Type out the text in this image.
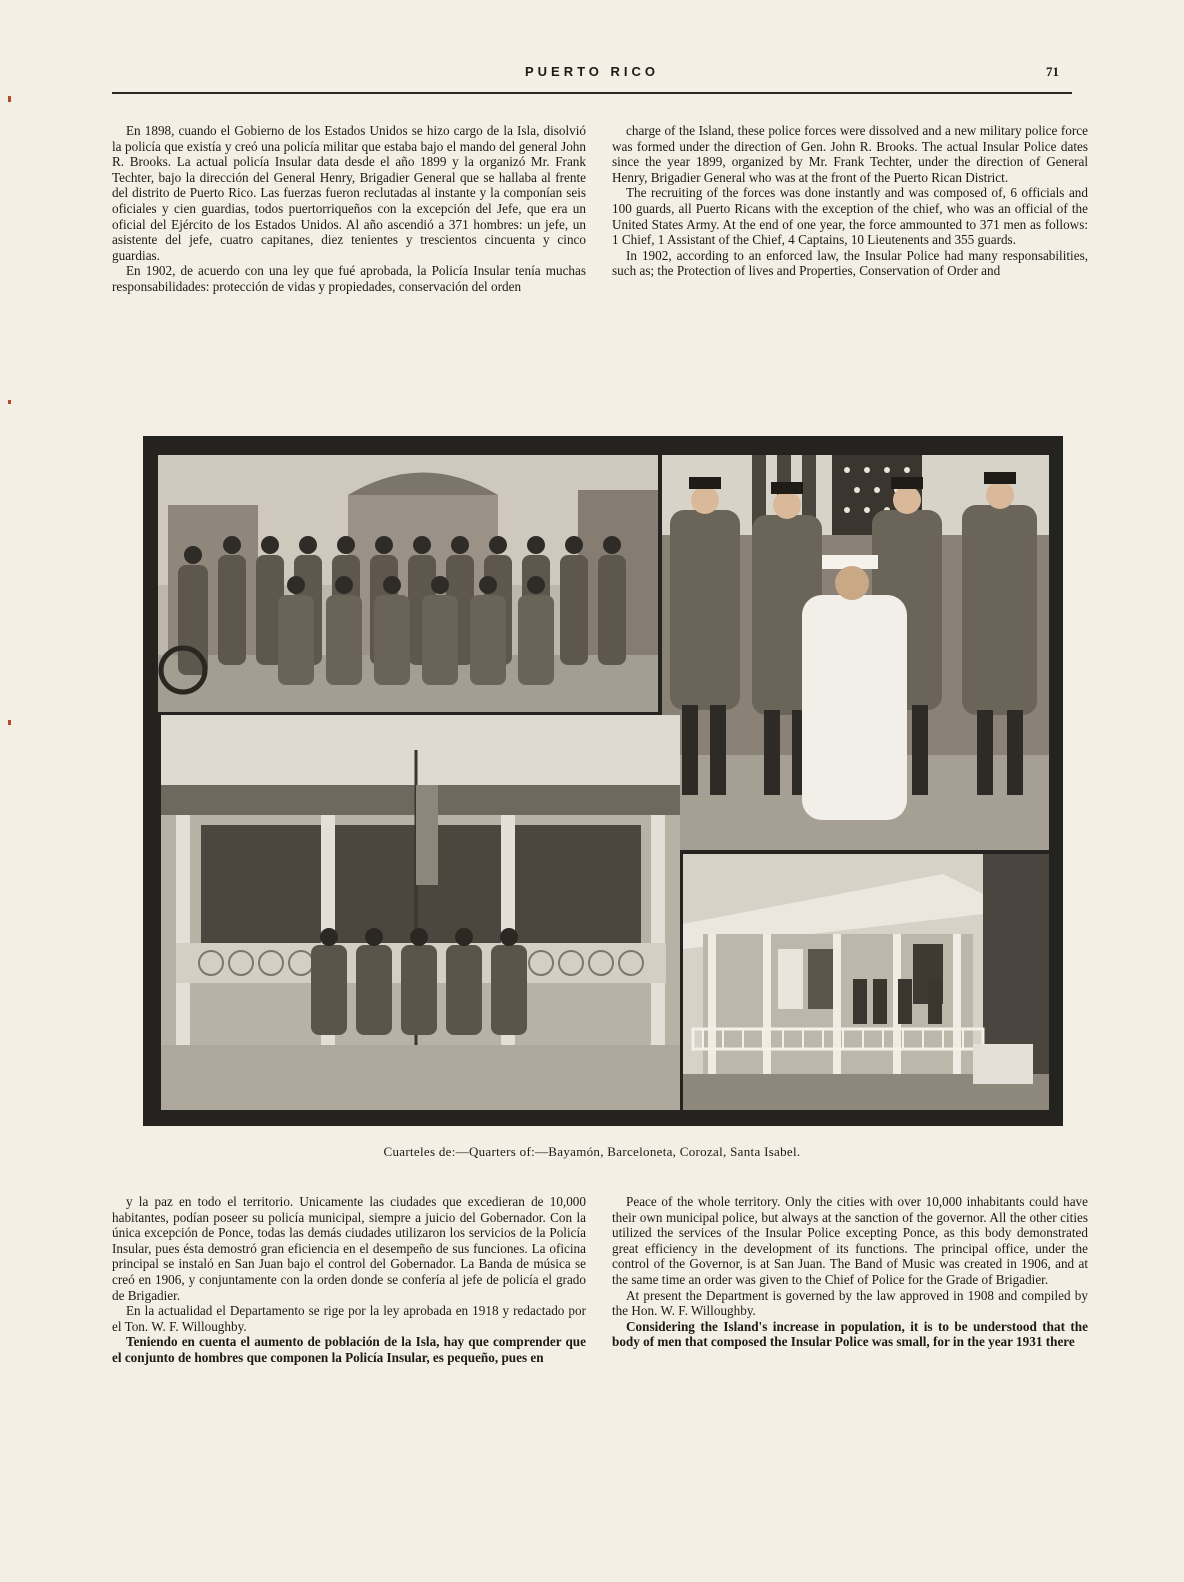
PUERTO RICO	71

En 1898, cuando el Gobierno de los Estados Unidos se hizo cargo de la Isla, disolvió la policía que existía y creó una policía militar que estaba bajo el mando del general John R. Brooks. La actual policía Insular data desde el año 1899 y la organizó Mr. Frank Techter, bajo la dirección del General Henry, Brigadier General que se hallaba al frente del distrito de Puerto Rico. Las fuerzas fueron reclutadas al instante y la componían seis oficiales y cien guardias, todos puertorriqueños con la excepción del Jefe, que era un oficial del Ejército de los Estados Unidos. Al año ascendió a 371 hombres: un jefe, un asistente del jefe, cuatro capitanes, diez tenientes y trescientos cincuenta y cinco guardias.

En 1902, de acuerdo con una ley que fué aprobada, la Policía Insular tenía muchas responsabilidades: protección de vidas y propiedades, conservación del orden

charge of the Island, these police forces were dissolved and a new military police force was formed under the direction of Gen. John R. Brooks. The actual Insular Police dates since the year 1899, organized by Mr. Frank Techter, under the direction of General Henry, Brigadier General who was at the front of the Puerto Rican District.

The recruiting of the forces was done instantly and was composed of, 6 officials and 100 guards, all Puerto Ricans with the exception of the chief, who was an official of the United States Army. At the end of one year, the force ammounted to 371 men as follows: 1 Chief, 1 Assistant of the Chief, 4 Captains, 10 Lieutenents and 355 guards.

In 1902, according to an enforced law, the Insular Police had many responsabilities, such as; the Protection of lives and Properties, Conservation of Order and

Cuarteles de:—Quarters of:—Bayamón, Barceloneta, Corozal, Santa Isabel.

y la paz en todo el territorio. Unicamente las ciudades que excedieran de 10,000 habitantes, podían poseer su policía municipal, siempre a juicio del Gobernador. Con la única excepción de Ponce, todas las demás ciudades utilizaron los servicios de la Policía Insular, pues ésta demostró gran eficiencia en el desempeño de sus funciones. La oficina principal se instaló en San Juan bajo el control del Gobernador. La Banda de música se creó en 1906, y conjuntamente con la orden donde se confería al jefe de policía el grado de Brigadier.

En la actualidad el Departamento se rige por la ley aprobada en 1918 y redactado por el Ton. W. F. Willoughby.

Teniendo en cuenta el aumento de población de la Isla, hay que comprender que el conjunto de hombres que componen la Policía Insular, es pequeño, pues en

Peace of the whole territory. Only the cities with over 10,000 inhabitants could have their own municipal police, but always at the sanction of the governor. All the other cities utilized the services of the Insular Police excepting Ponce, as this body demonstrated great efficiency in the development of its functions. The principal office, under the control of the Governor, is at San Juan. The Band of Music was created in 1906, and at the same time an order was given to the Chief of Police for the Grade of Brigadier.

At present the Department is governed by the law approved in 1908 and compiled by the Hon. W. F. Willoughby.

Considering the Island's increase in population, it is to be understood that the body of men that composed the Insular Police was small, for in the year 1931 there
